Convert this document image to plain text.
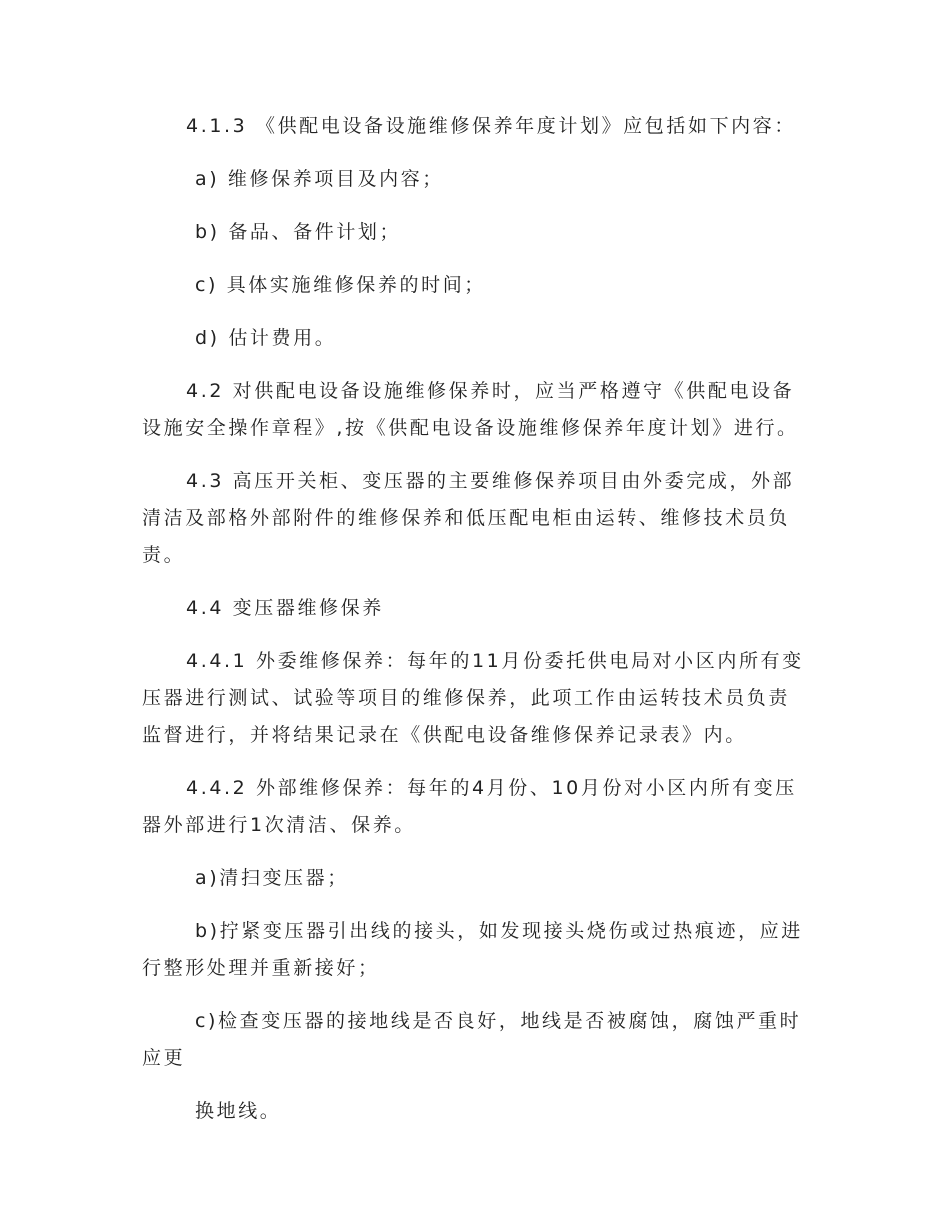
4.1.3 《供配电设备设施维修保养年度计划》应包括如下内容：
a) 维修保养项目及内容；
b) 备品、备件计划；
c) 具体实施维修保养的时间；
d) 估计费用。
4.2 对供配电设备设施维修保养时，应当严格遵守《供配电设备
设施安全操作章程》,按《供配电设备设施维修保养年度计划》进行。
4.3 高压开关柜、变压器的主要维修保养项目由外委完成，外部
清洁及部格外部附件的维修保养和低压配电柜由运转、维修技术员负
责。
4.4 变压器维修保养
4.4.1 外委维修保养：每年的11月份委托供电局对小区内所有变
压器进行测试、试验等项目的维修保养，此项工作由运转技术员负责
监督进行，并将结果记录在《供配电设备维修保养记录表》内。
4.4.2 外部维修保养：每年的4月份、10月份对小区内所有变压
器外部进行1次清洁、保养。
a)清扫变压器；
b)拧紧变压器引出线的接头，如发现接头烧伤或过热痕迹，应进
行整形处理并重新接好；
c)检查变压器的接地线是否良好，地线是否被腐蚀，腐蚀严重时
应更
换地线。
